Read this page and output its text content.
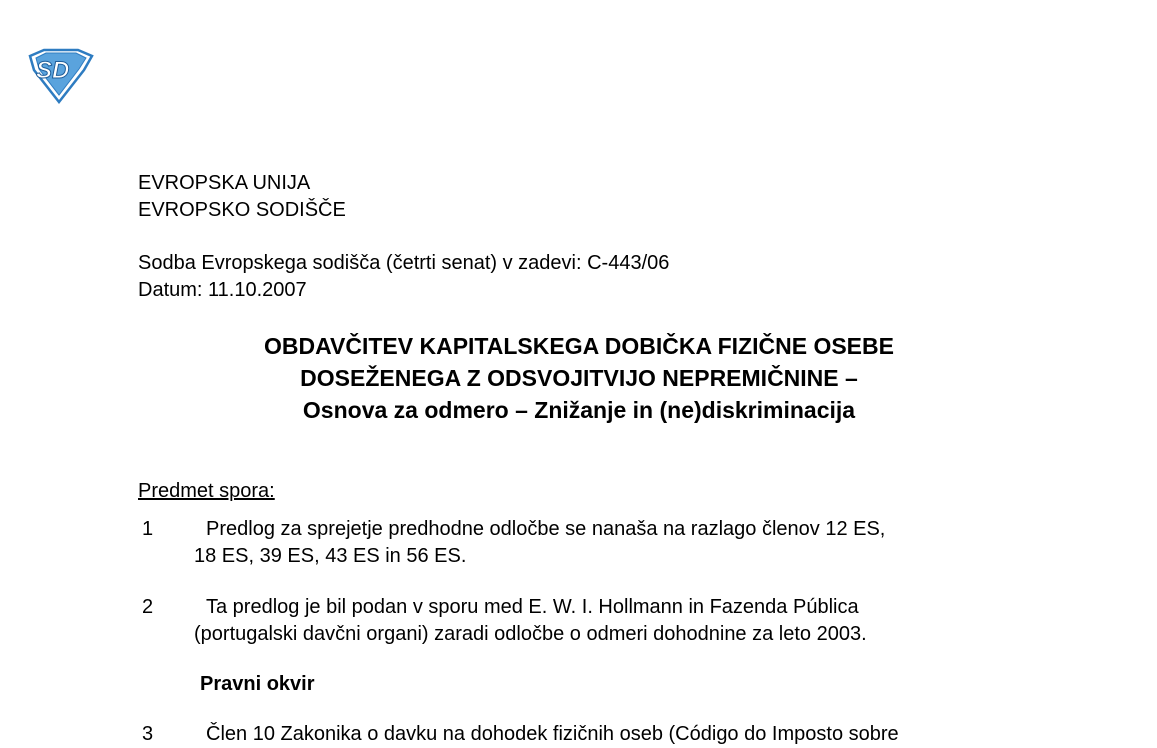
SD
EVROPSKA UNIJA
EVROPSKO SODIŠČE
Sodba Evropskega sodišča (četrti senat) v zadevi: C-443/06
Datum: 11.10.2007
OBDAVČITEV KAPITALSKEGA DOBIČKA FIZIČNE OSEBE
DOSEŽENEGA Z ODSVOJITVIJO NEPREMIČNINE –
Osnova za odmero – Znižanje in (ne)diskriminacija
Predmet spora:
1	Predlog za sprejetje predhodne odločbe se nanaša na razlago členov 12 ES,
18 ES, 39 ES, 43 ES in 56 ES.
2	Ta predlog je bil podan v sporu med E. W. I. Hollmann in Fazenda Pública
(portugalski davčni organi) zaradi odločbe o odmeri dohodnine za leto 2003.
Pravni okvir
3	Člen 10 Zakonika o davku na dohodek fizičnih oseb (Código do Imposto sobre
